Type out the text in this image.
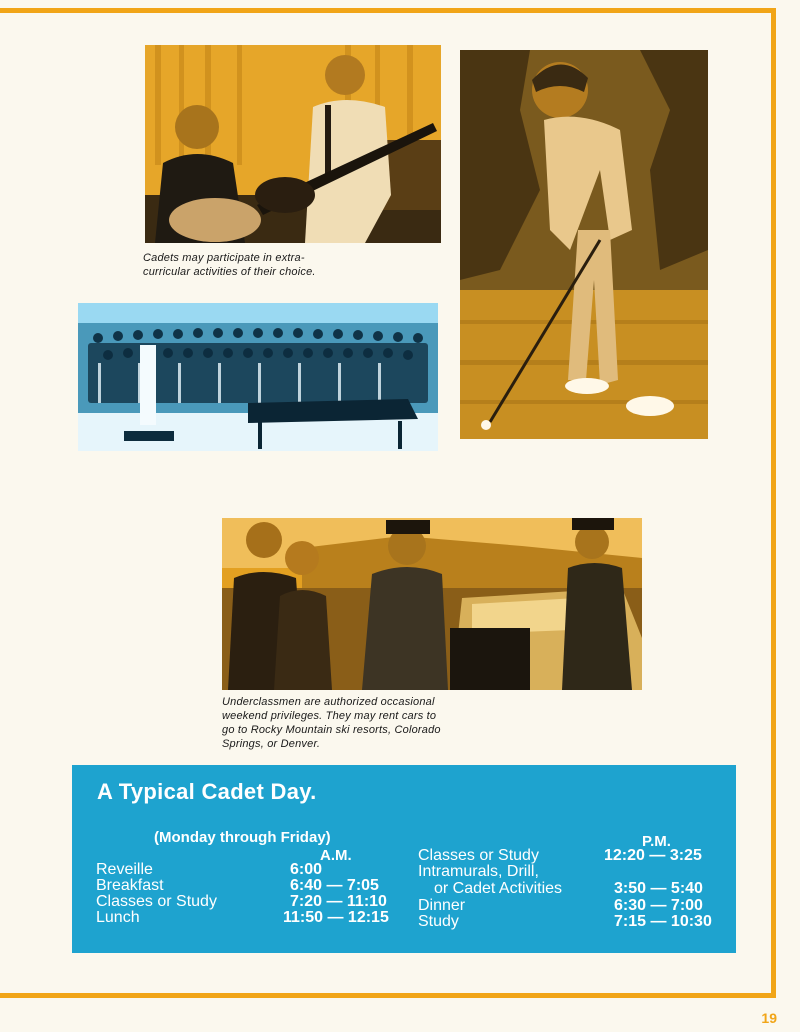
Cadets may participate in extra-
curricular activities of their choice.
Underclassmen are authorized occasional
weekend privileges. They may rent cars to
go to Rocky Mountain ski resorts, Colorado
Springs, or Denver.
A Typical Cadet Day.
(Monday through Friday)
A.M.
P.M.
Reveille	6:00
Breakfast	6:40 — 7:05
Classes or Study	7:20 — 11:10
Lunch	11:50 — 12:15
Classes or Study	12:20 — 3:25
Intramurals, Drill,
or Cadet Activities	3:50 — 5:40
Dinner	6:30 — 7:00
Study	7:15 — 10:30
19
